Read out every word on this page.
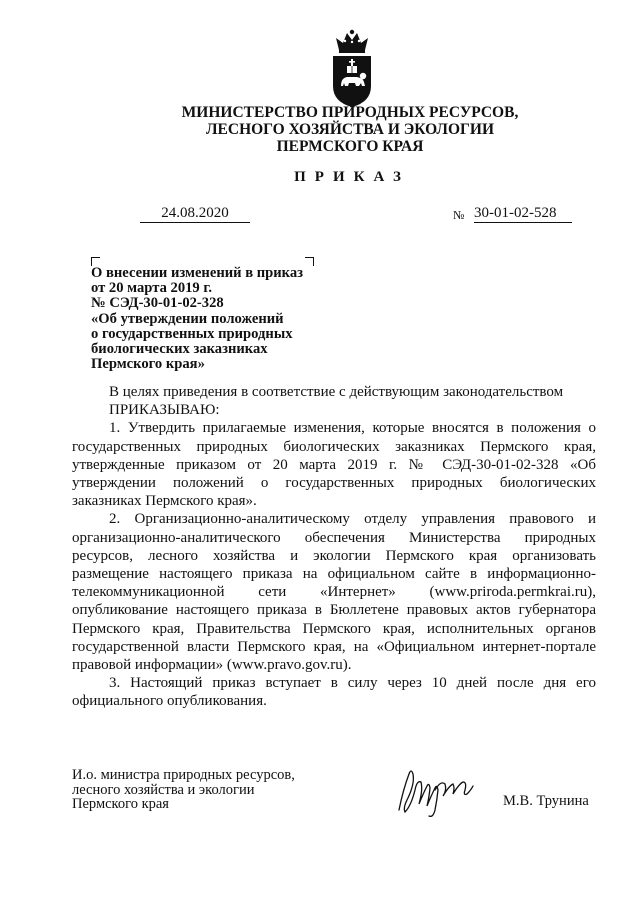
МИНИСТЕРСТВО ПРИРОДНЫХ РЕСУРСОВ,
ЛЕСНОГО ХОЗЯЙСТВА И ЭКОЛОГИИ
ПЕРМСКОГО КРАЯ
ПРИКАЗ
24.08.2020	№ 30-01-02-528
О внесении изменений в приказ
от 20 марта 2019 г.
№ СЭД-30-01-02-328
«Об утверждении положений
о государственных природных
биологических заказниках
Пермского края»

В целях приведения в соответствие с действующим законодательством

ПРИКАЗЫВАЮ:

1. Утвердить прилагаемые изменения, которые вносятся в положения о государственных природных биологических заказниках Пермского края, утвержденные приказом от 20 марта 2019 г. № СЭД-30-01-02-328 «Об утверждении положений о государственных природных биологических заказниках Пермского края».

2. Организационно-аналитическому отделу управления правового и организационно-аналитического обеспечения Министерства природных ресурсов, лесного хозяйства и экологии Пермского края организовать размещение настоящего приказа на официальном сайте в информационно-телекоммуникационной сети «Интернет» (www.priroda.permkrai.ru), опубликование настоящего приказа в Бюллетене правовых актов губернатора Пермского края, Правительства Пермского края, исполнительных органов государственной власти Пермского края, на «Официальном интернет-портале правовой информации» (www.pravo.gov.ru).

3. Настоящий приказ вступает в силу через 10 дней после дня его официального опубликования.

И.о. министра природных ресурсов,
лесного хозяйства и экологии
Пермского края	М.В. Трунина
